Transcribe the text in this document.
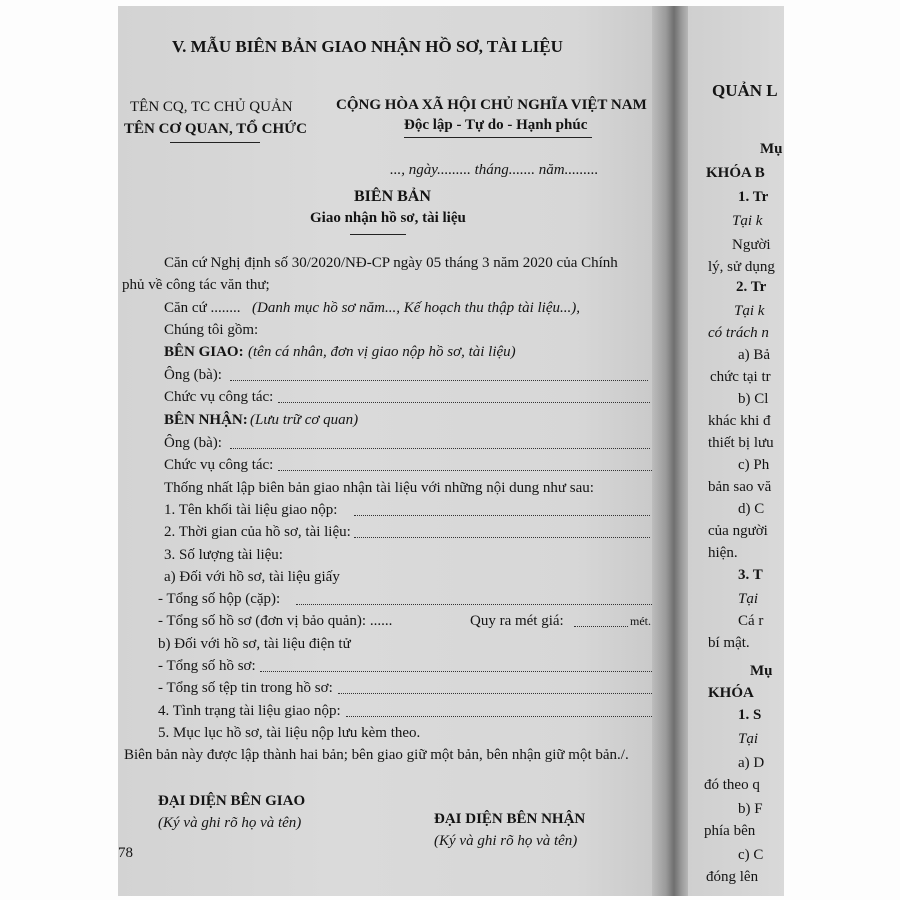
V. MẪU BIÊN BẢN GIAO NHẬN HỒ SƠ, TÀI LIỆU
TÊN CQ, TC CHỦ QUẢN
TÊN CƠ QUAN, TỔ CHỨC
CỘNG HÒA XÃ HỘI CHỦ NGHĨA VIỆT NAM
Độc lập - Tự do - Hạnh phúc
..., ngày......... tháng....... năm.........
BIÊN BẢN
Giao nhận hồ sơ, tài liệu
Căn cứ Nghị định số 30/2020/NĐ-CP ngày 05 tháng 3 năm 2020 của Chính
phủ về công tác văn thư;
Căn cứ ........ (Danh mục hồ sơ năm..., Kế hoạch thu thập tài liệu...),
Chúng tôi gồm:
BÊN GIAO: (tên cá nhân, đơn vị giao nộp hồ sơ, tài liệu)
Ông (bà):
Chức vụ công tác:
BÊN NHẬN: (Lưu trữ cơ quan)
Ông (bà):
Chức vụ công tác:
Thống nhất lập biên bản giao nhận tài liệu với những nội dung như sau:
1. Tên khối tài liệu giao nộp:
2. Thời gian của hồ sơ, tài liệu:
3. Số lượng tài liệu:
a) Đối với hồ sơ, tài liệu giấy
- Tổng số hộp (cặp):
- Tổng số hồ sơ (đơn vị bảo quản): ......	Quy ra mét giá:	mét.
b) Đối với hồ sơ, tài liệu điện tử
- Tổng số hồ sơ:
- Tổng số tệp tin trong hồ sơ:
4. Tình trạng tài liệu giao nộp:
5. Mục lục hồ sơ, tài liệu nộp lưu kèm theo.
Biên bản này được lập thành hai bản; bên giao giữ một bản, bên nhận giữ một bản./.
ĐẠI DIỆN BÊN GIAO
(Ký và ghi rõ họ và tên)	ĐẠI DIỆN BÊN NHẬN
(Ký và ghi rõ họ và tên)
78
QUẢN L
Mụ
KHÓA B
1. Tr
Tại k
Người
lý, sử dụng
2. Tr
Tại k
có trách n
a) Bả
chức tại tr
b) Cl
khác khi đ
thiết bị lưu
c) Ph
bản sao vă
d) C
của người
hiện.
3. T
Tại
Cá r
bí mật.
Mụ
KHÓA
1. S
Tại
a) D
đó theo q
b) F
phía bên
c) C
đóng lên
